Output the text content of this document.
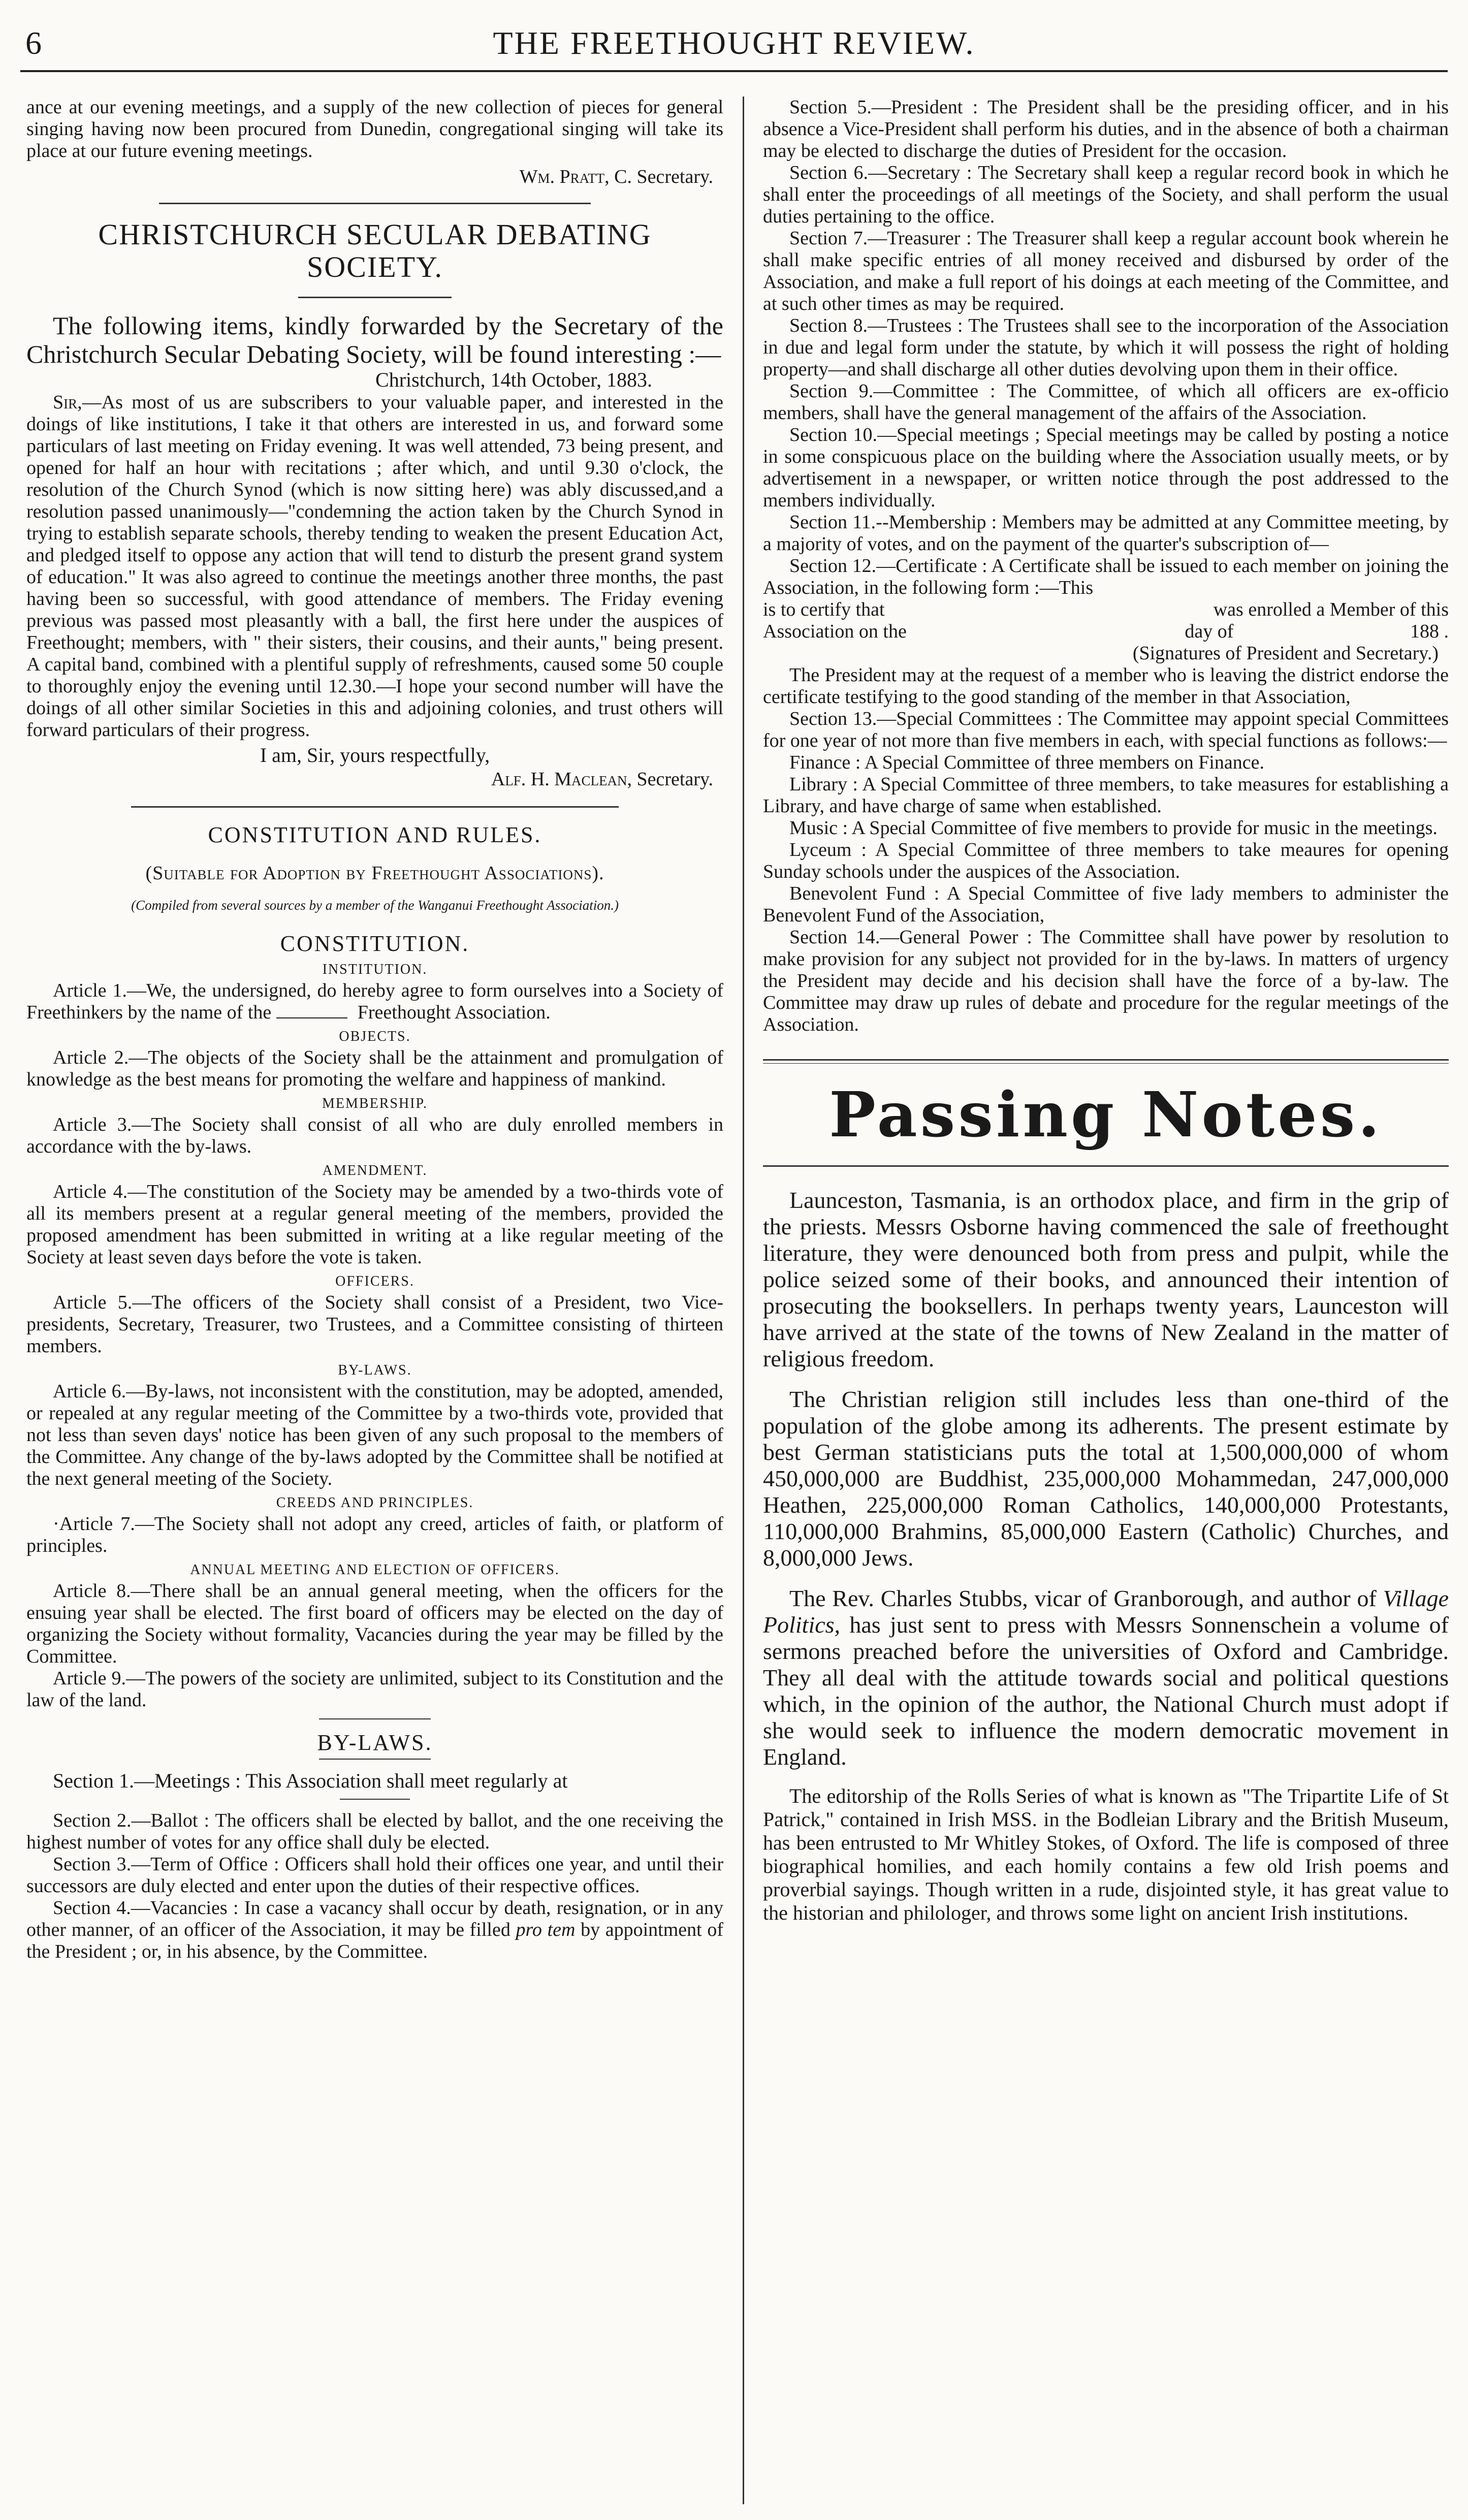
6	THE FREETHOUGHT REVIEW.

ance at our evening meetings, and a supply of the new collection of pieces for general singing having now been procured from Dunedin, congregational singing will take its place at our future evening meetings.

Wm. Pratt, C. Secretary.

CHRISTCHURCH SECULAR DEBATING SOCIETY.

The following items, kindly forwarded by the Secretary of the Christchurch Secular Debating Society, will be found interesting :—

Christchurch, 14th October, 1883.

Sir,—As most of us are subscribers to your valuable paper, and interested in the doings of like institutions, I take it that others are interested in us, and forward some particulars of last meeting on Friday evening. It was well attended, 73 being present, and opened for half an hour with recitations ; after which, and until 9.30 o'clock, the resolution of the Church Synod (which is now sitting here) was ably discussed,and a resolution passed unanimously—"condemning the action taken by the Church Synod in trying to establish separate schools, thereby tending to weaken the present Education Act, and pledged itself to oppose any action that will tend to disturb the present grand system of education." It was also agreed to continue the meetings another three months, the past having been so successful, with good attendance of members. The Friday evening previous was passed most pleasantly with a ball, the first here under the auspices of Freethought; members, with " their sisters, their cousins, and their aunts," being present. A capital band, combined with a plentiful supply of refreshments, caused some 50 couple to thoroughly enjoy the evening until 12.30.—I hope your second number will have the doings of all other similar Societies in this and adjoining colonies, and trust others will forward particulars of their progress.

I am, Sir, yours respectfully,

Alf. H. Maclean, Secretary.

CONSTITUTION AND RULES.
(Suitable for Adoption by Freethought Associations).
(Compiled from several sources by a member of the Wanganui Freethought Association.)
CONSTITUTION.
INSTITUTION.

Article 1.—We, the undersigned, do hereby agree to form ourselves into a Society of Freethinkers by the name of the	Freethought Association.

OBJECTS.

Article 2.—The objects of the Society shall be the attainment and promulgation of knowledge as the best means for promoting the welfare and happiness of mankind.

MEMBERSHIP.

Article 3.—The Society shall consist of all who are duly enrolled members in accordance with the by-laws.

AMENDMENT.

Article 4.—The constitution of the Society may be amended by a two-thirds vote of all its members present at a regular general meeting of the members, provided the proposed amendment has been submitted in writing at a like regular meeting of the Society at least seven days before the vote is taken.

OFFICERS.

Article 5.—The officers of the Society shall consist of a President, two Vice-presidents, Secretary, Treasurer, two Trustees, and a Committee consisting of thirteen members.

BY-LAWS.

Article 6.—By-laws, not inconsistent with the constitution, may be adopted, amended, or repealed at any regular meeting of the Committee by a two-thirds vote, provided that not less than seven days' notice has been given of any such proposal to the members of the Committee. Any change of the by-laws adopted by the Committee shall be notified at the next general meeting of the Society.

CREEDS AND PRINCIPLES.

·Article 7.—The Society shall not adopt any creed, articles of faith, or platform of principles.

ANNUAL MEETING AND ELECTION OF OFFICERS.

Article 8.—There shall be an annual general meeting, when the officers for the ensuing year shall be elected. The first board of officers may be elected on the day of organizing the Society without formality, Vacancies during the year may be filled by the Committee.

Article 9.—The powers of the society are unlimited, subject to its Constitution and the law of the land.

BY-LAWS.

Section 1.—Meetings : This Association shall meet regularly at

Section 2.—Ballot : The officers shall be elected by ballot, and the one receiving the highest number of votes for any office shall duly be elected.

Section 3.—Term of Office : Officers shall hold their offices one year, and until their successors are duly elected and enter upon the duties of their respective offices.

Section 4.—Vacancies : In case a vacancy shall occur by death, resignation, or in any other manner, of an officer of the Association, it may be filled pro tem by appointment of the President ; or, in his absence, by the Committee.

Section 5.—President : The President shall be the presiding officer, and in his absence a Vice-President shall perform his duties, and in the absence of both a chairman may be elected to discharge the duties of President for the occasion.

Section 6.—Secretary : The Secretary shall keep a regular record book in which he shall enter the proceedings of all meetings of the Society, and shall perform the usual duties pertaining to the office.

Section 7.—Treasurer : The Treasurer shall keep a regular account book wherein he shall make specific entries of all money received and disbursed by order of the Association, and make a full report of his doings at each meeting of the Committee, and at such other times as may be required.

Section 8.—Trustees : The Trustees shall see to the incorporation of the Association in due and legal form under the statute, by which it will possess the right of holding property—and shall discharge all other duties devolving upon them in their office.

Section 9.—Committee : The Committee, of which all officers are ex-officio members, shall have the general management of the affairs of the Association.

Section 10.—Special meetings ; Special meetings may be called by posting a notice in some conspicuous place on the building where the Association usually meets, or by advertisement in a newspaper, or written notice through the post addressed to the members individually.

Section 11.--Membership : Members may be admitted at any Committee meeting, by a majority of votes, and on the payment of the quarter's subscription of—

Section 12.—Certificate : A Certificate shall be issued to each member on joining the Association, in the following form :—This

is to certify that	was enrolled a Member of this
Association on the	day of	188 .
(Signatures of President and Secretary.)

The President may at the request of a member who is leaving the district endorse the certificate testifying to the good standing of the member in that Association,

Section 13.—Special Committees : The Committee may appoint special Committees for one year of not more than five members in each, with special functions as follows:—

Finance : A Special Committee of three members on Finance.

Library : A Special Committee of three members, to take measures for establishing a Library, and have charge of same when established.

Music : A Special Committee of five members to provide for music in the meetings.

Lyceum : A Special Committee of three members to take meaures for opening Sunday schools under the auspices of the Association.

Benevolent Fund : A Special Committee of five lady members to administer the Benevolent Fund of the Association,

Section 14.—General Power : The Committee shall have power by resolution to make provision for any subject not provided for in the by-laws. In matters of urgency the President may decide and his decision shall have the force of a by-law. The Committee may draw up rules of debate and procedure for the regular meetings of the Association.

Passing Notes.

Launceston, Tasmania, is an orthodox place, and firm in the grip of the priests. Messrs Osborne having commenced the sale of freethought literature, they were denounced both from press and pulpit, while the police seized some of their books, and announced their intention of prosecuting the booksellers. In perhaps twenty years, Launceston will have arrived at the state of the towns of New Zealand in the matter of religious freedom.

The Christian religion still includes less than one-third of the population of the globe among its adherents. The present estimate by best German statisticians puts the total at 1,500,000,000 of whom 450,000,000 are Buddhist, 235,000,000 Mohammedan, 247,000,000 Heathen, 225,000,000 Roman Catholics, 140,000,000 Protestants, 110,000,000 Brahmins, 85,000,000 Eastern (Catholic) Churches, and 8,000,000 Jews.

The Rev. Charles Stubbs, vicar of Granborough, and author of Village Politics, has just sent to press with Messrs Sonnenschein a volume of sermons preached before the universities of Oxford and Cambridge. They all deal with the attitude towards social and political questions which, in the opinion of the author, the National Church must adopt if she would seek to influence the modern democratic movement in England.

The editorship of the Rolls Series of what is known as "The Tripartite Life of St Patrick," contained in Irish MSS. in the Bodleian Library and the British Museum, has been entrusted to Mr Whitley Stokes, of Oxford. The life is composed of three biographical homilies, and each homily contains a few old Irish poems and proverbial sayings. Though written in a rude, disjointed style, it has great value to the historian and philologer, and throws some light on ancient Irish institutions.
